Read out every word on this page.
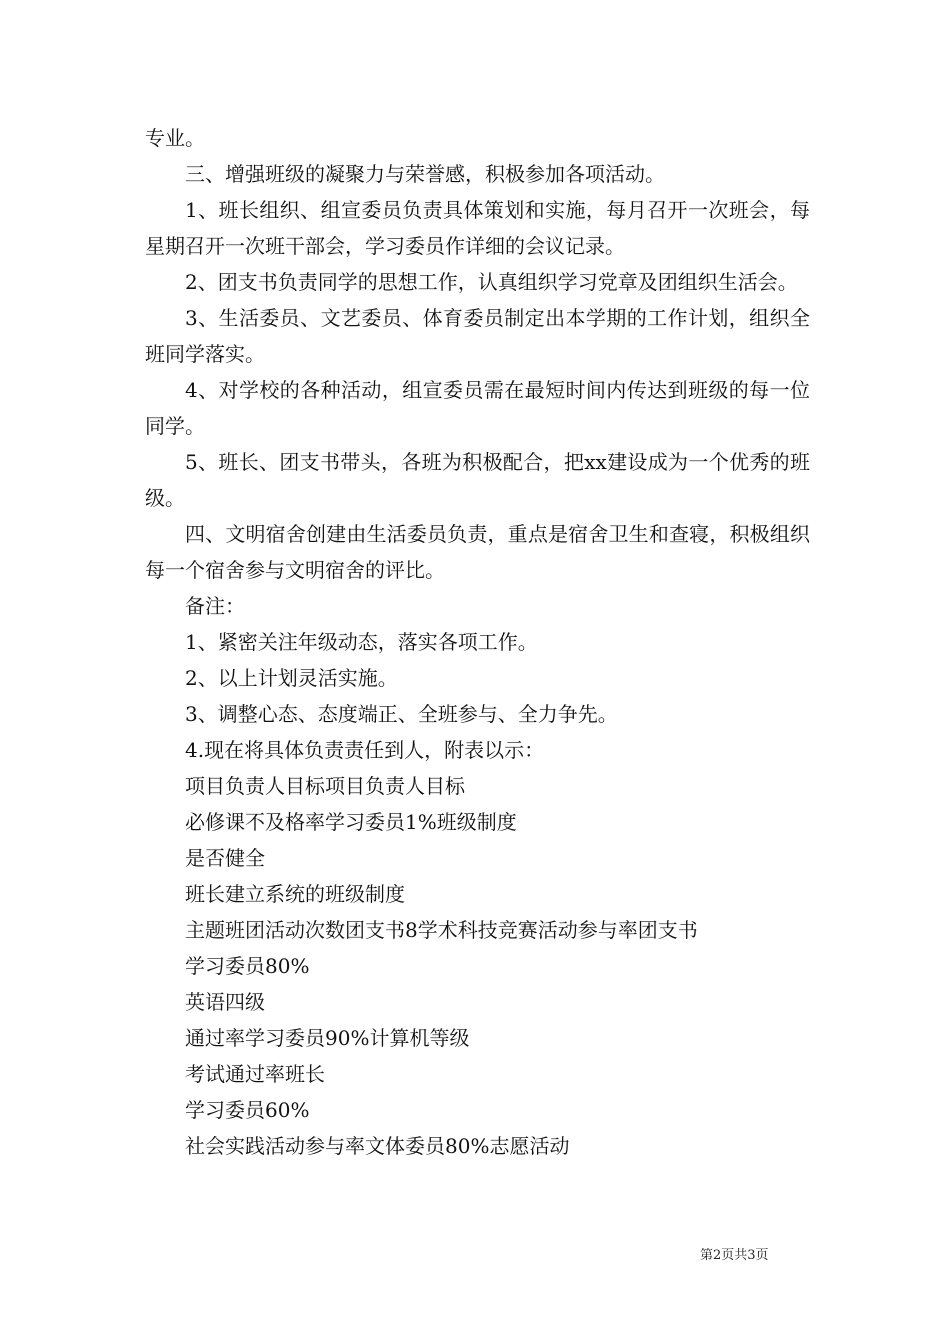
专业。

三、增强班级的凝聚力与荣誉感，积极参加各项活动。

1、班长组织、组宣委员负责具体策划和实施，每月召开一次班会，每星期召开一次班干部会，学习委员作详细的会议记录。

2、团支书负责同学的思想工作，认真组织学习党章及团组织生活会。

3、生活委员、文艺委员、体育委员制定出本学期的工作计划，组织全班同学落实。

4、对学校的各种活动，组宣委员需在最短时间内传达到班级的每一位同学。

5、班长、团支书带头，各班为积极配合，把xx建设成为一个优秀的班级。

四、文明宿舍创建由生活委员负责，重点是宿舍卫生和查寝，积极组织每一个宿舍参与文明宿舍的评比。

备注：

1、紧密关注年级动态，落实各项工作。

2、以上计划灵活实施。

3、调整心态、态度端正、全班参与、全力争先。

4.现在将具体负责责任到人，附表以示：

项目负责人目标项目负责人目标

必修课不及格率学习委员1%班级制度

是否健全

班长建立系统的班级制度

主题班团活动次数团支书8学术科技竞赛活动参与率团支书

学习委员80%

英语四级

通过率学习委员90%计算机等级

考试通过率班长

学习委员60%

社会实践活动参与率文体委员80%志愿活动

第2页共3页
